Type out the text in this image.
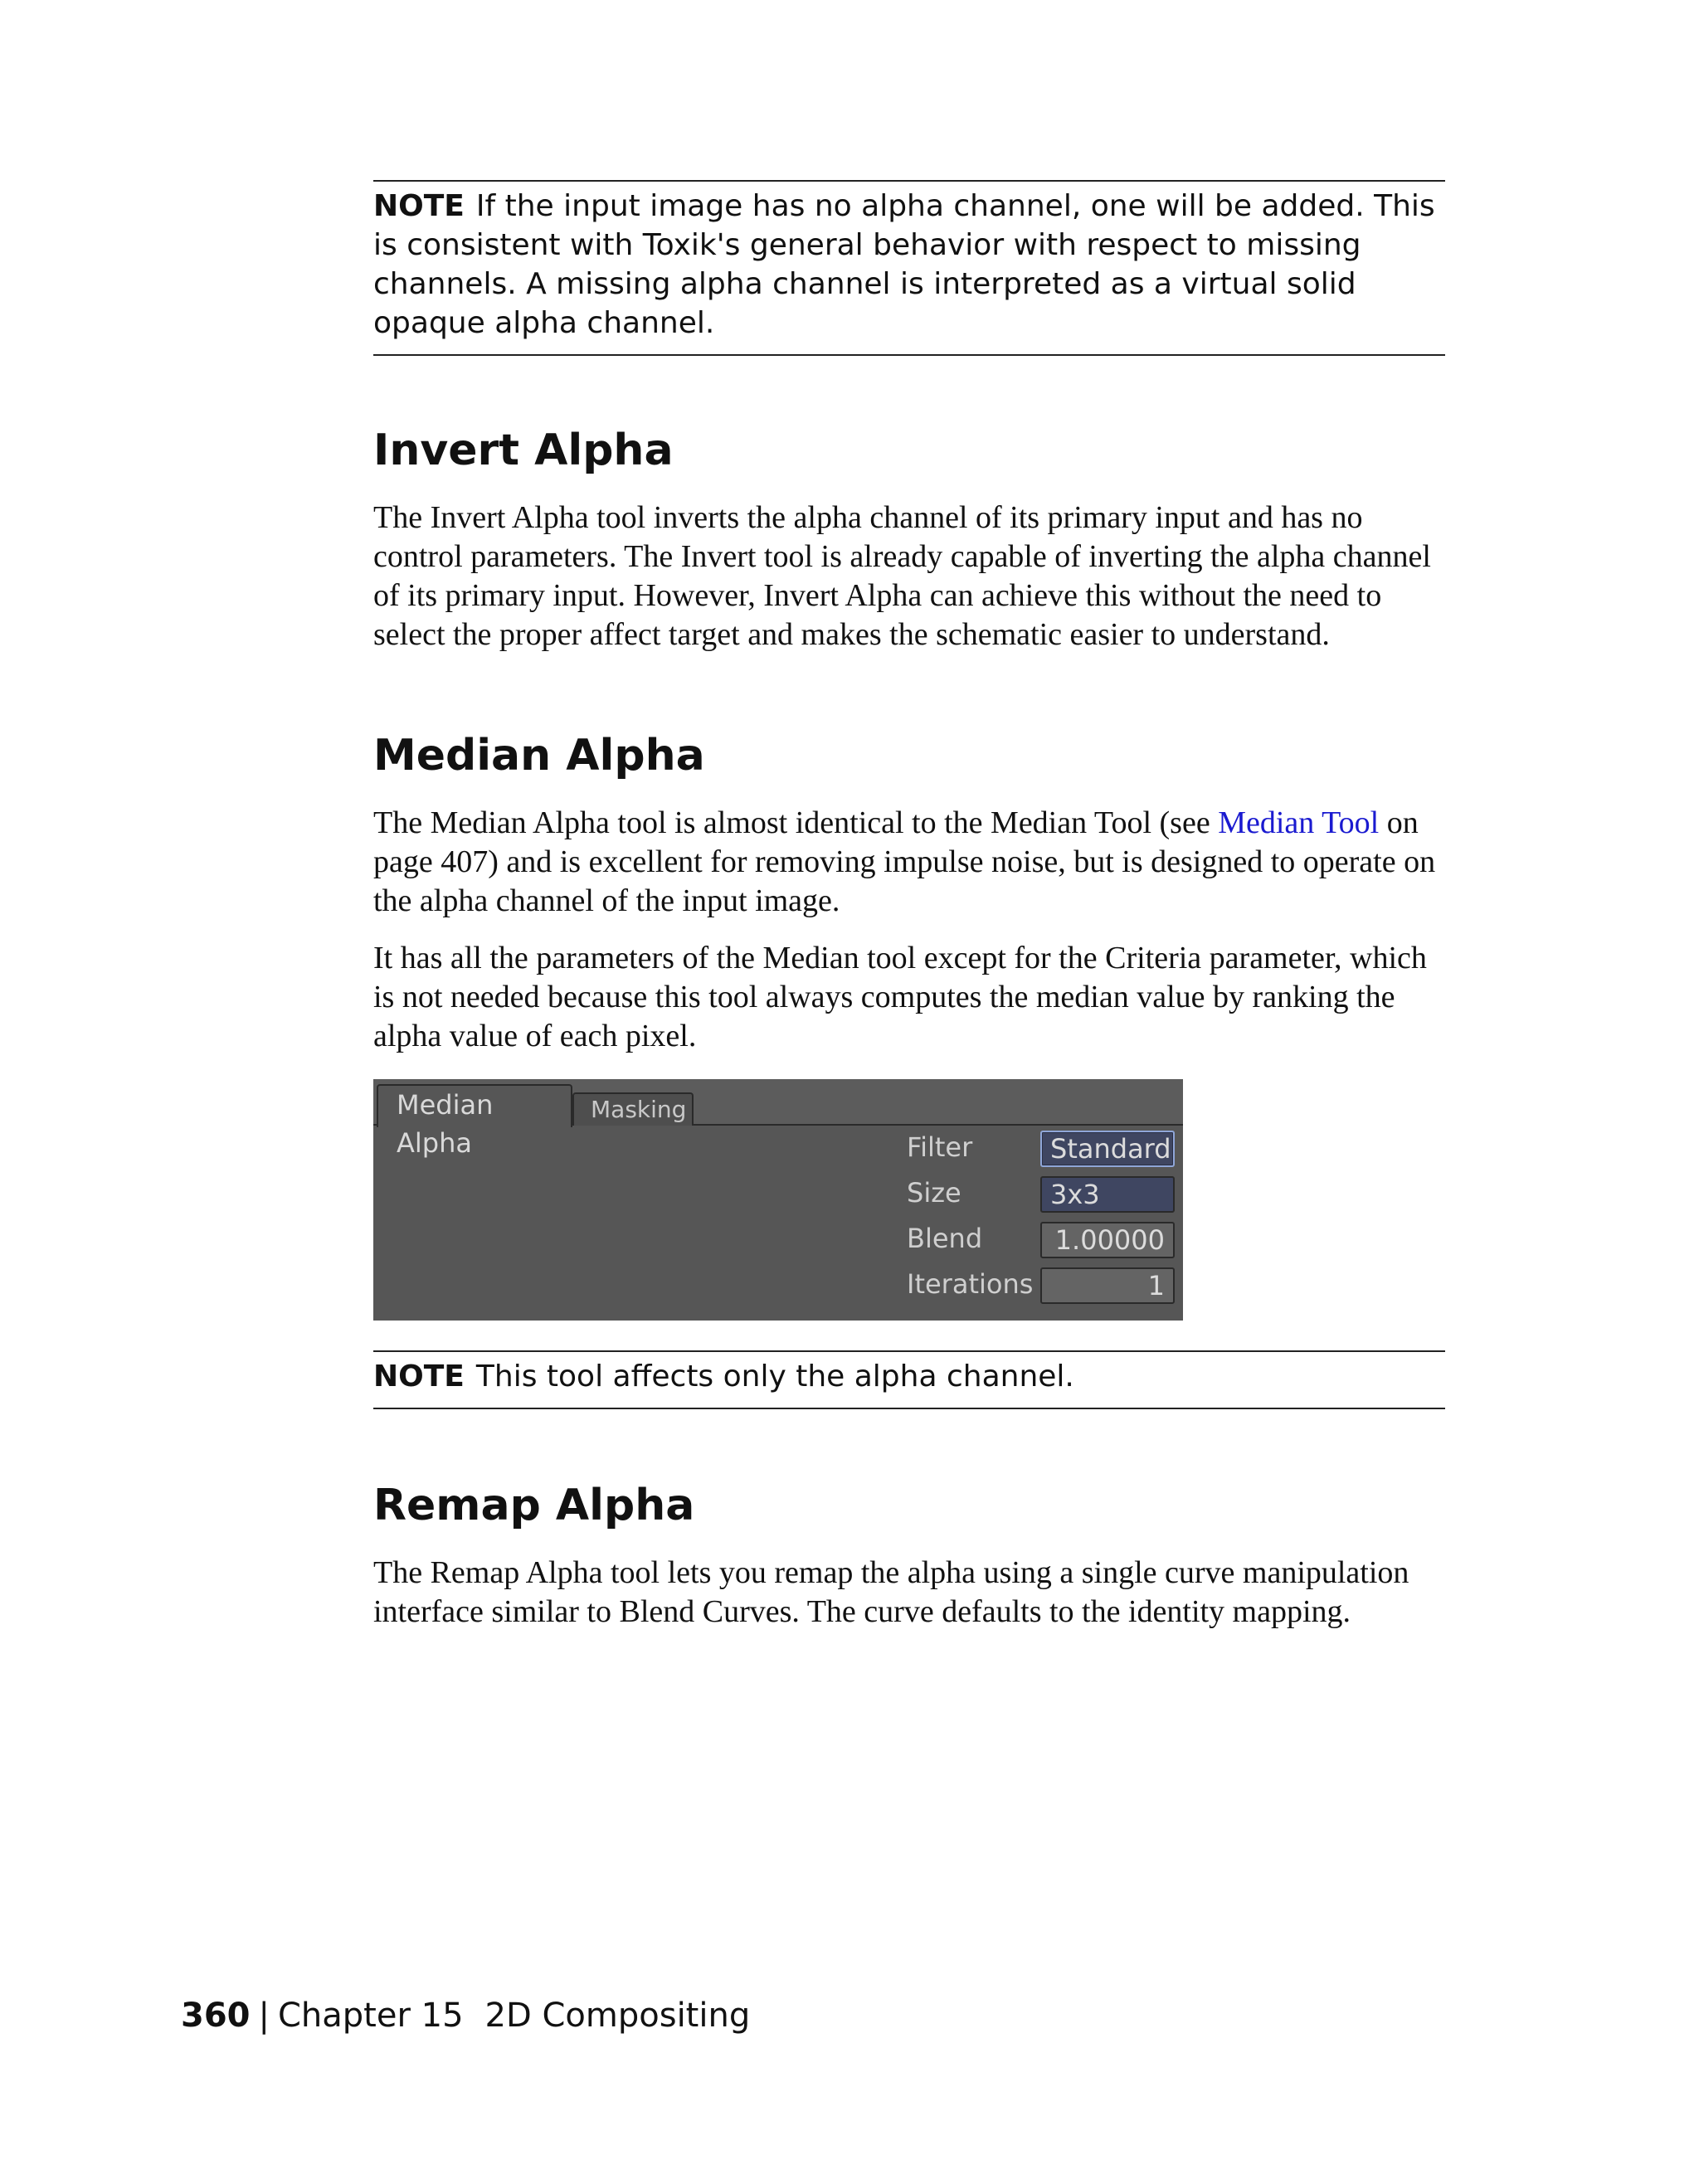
NOTE If the input image has no alpha channel, one will be added. This is consistent with Toxik's general behavior with respect to missing channels. A missing alpha channel is interpreted as a virtual solid opaque alpha channel.
Invert Alpha

The Invert Alpha tool inverts the alpha channel of its primary input and has no control parameters. The Invert tool is already capable of inverting the alpha channel of its primary input. However, Invert Alpha can achieve this without the need to select the proper affect target and makes the schematic easier to understand.

Median Alpha

The Median Alpha tool is almost identical to the Median Tool (see Median Tool on page 407) and is excellent for removing impulse noise, but is designed to operate on the alpha channel of the input image.

It has all the parameters of the Median tool except for the Criteria parameter, which is not needed because this tool always computes the median value by ranking the alpha value of each pixel.

Masking
Median Alpha	Filter	Standard
Size	3x3
Blend	1.00000
Iterations	1
NOTE This tool affects only the alpha channel.
Remap Alpha

The Remap Alpha tool lets you remap the alpha using a single curve manipulation interface similar to Blend Curves. The curve defaults to the identity mapping.

360 | Chapter 15 2D Compositing
